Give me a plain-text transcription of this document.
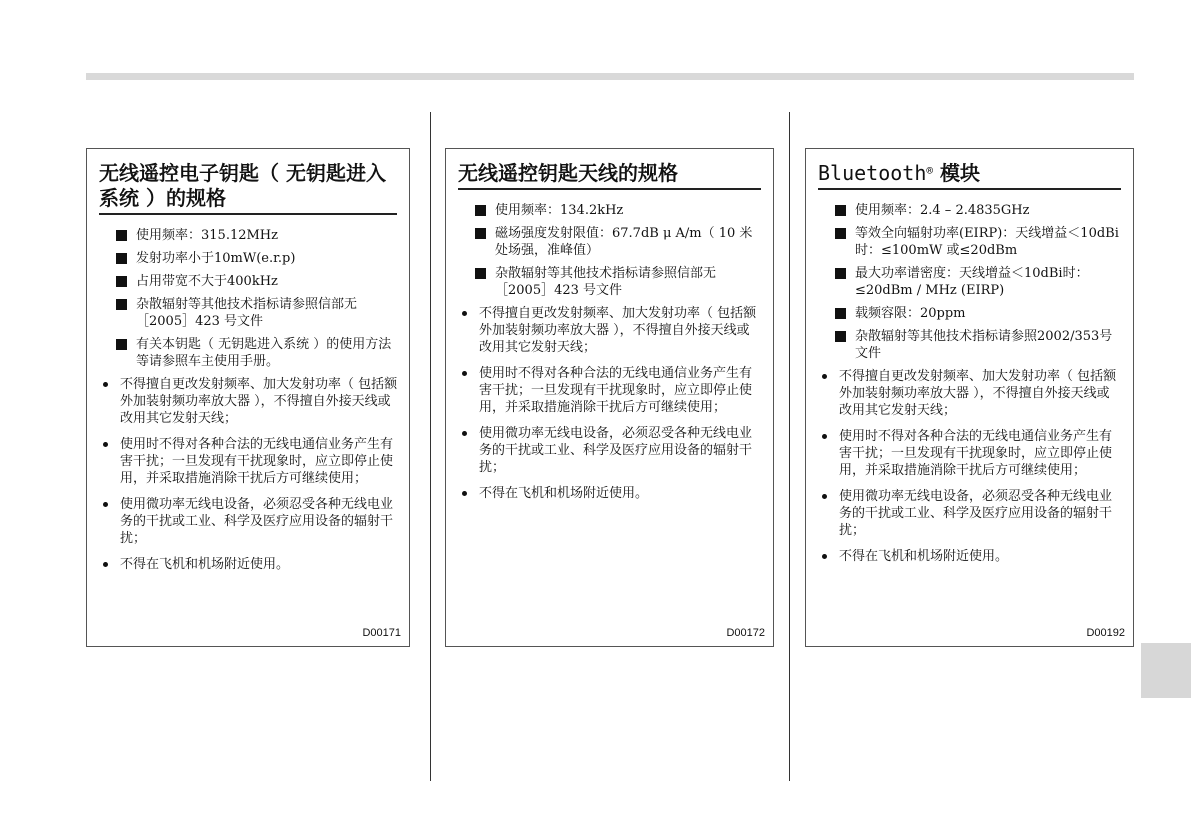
无线遥控电子钥匙（ 无钥匙进入系统 ）的规格
使用频率：315.12MHz
发射功率小于10mW(e.r.p)
占用带宽不大于400kHz
杂散辐射等其他技术指标请参照信部无［2005］423 号文件
有关本钥匙（ 无钥匙进入系统 ）的使用方法等请参照车主使用手册。
不得擅自更改发射频率、加大发射功率（ 包括额外加装射频功率放大器 ），不得擅自外接天线或改用其它发射天线；
使用时不得对各种合法的无线电通信业务产生有害干扰；一旦发现有干扰现象时，应立即停止使用，并采取措施消除干扰后方可继续使用；
使用微功率无线电设备，必须忍受各种无线电业务的干扰或工业、科学及医疗应用设备的辐射干扰；
不得在飞机和机场附近使用。
D00171
无线遥控钥匙天线的规格
使用频率：134.2kHz
磁场强度发射限值：67.7dB μ A/m（ 10 米处场强，准峰值）
杂散辐射等其他技术指标请参照信部无［2005］423 号文件
不得擅自更改发射频率、加大发射功率（ 包括额外加装射频功率放大器 ），不得擅自外接天线或改用其它发射天线；
使用时不得对各种合法的无线电通信业务产生有害干扰；一旦发现有干扰现象时，应立即停止使用，并采取措施消除干扰后方可继续使用；
使用微功率无线电设备，必须忍受各种无线电业务的干扰或工业、科学及医疗应用设备的辐射干扰；
不得在飞机和机场附近使用。
D00172
Bluetooth® 模块
使用频率：2.4 – 2.4835GHz
等效全向辐射功率(EIRP)：天线增益＜10dBi时：≤100mW 或≤20dBm
最大功率谱密度：天线增益＜10dBi时：≤20dBm / MHz (EIRP)
载频容限：20ppm
杂散辐射等其他技术指标请参照2002/353号文件
不得擅自更改发射频率、加大发射功率（ 包括额外加装射频功率放大器 ），不得擅自外接天线或改用其它发射天线；
使用时不得对各种合法的无线电通信业务产生有害干扰；一旦发现有干扰现象时，应立即停止使用，并采取措施消除干扰后方可继续使用；
使用微功率无线电设备，必须忍受各种无线电业务的干扰或工业、科学及医疗应用设备的辐射干扰；
不得在飞机和机场附近使用。
D00192
